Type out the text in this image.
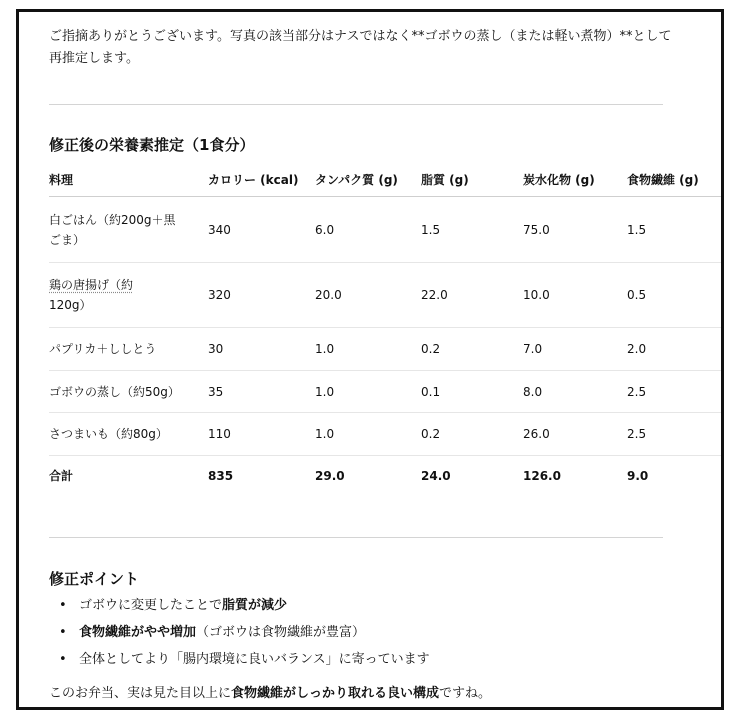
ご指摘ありがとうございます。写真の該当部分はナスではなく**ゴボウの蒸し（または軽い煮物）**として
再推定します。

修正後の栄養素推定（1食分）
料理	カロリー (kcal)	タンパク質 (g)	脂質 (g)	炭水化物 (g)	食物繊維 (g)
白ごはん（約200g＋黒
ごま）	340	6.0	1.5	75.0	1.5
鶏の唐揚げ（約
120g）	320	20.0	22.0	10.0	0.5
パプリカ＋ししとう	30	1.0	0.2	7.0	2.0
ゴボウの蒸し（約50g）	35	1.0	0.1	8.0	2.5
さつまいも（約80g）	110	1.0	0.2	26.0	2.5
合計	835	29.0	24.0	126.0	9.0
修正ポイント
• ゴボウに変更したことで脂質が減少
• 食物繊維がやや増加（ゴボウは食物繊維が豊富）
• 全体としてより「腸内環境に良いバランス」に寄っています

このお弁当、実は見た目以上に食物繊維がしっかり取れる良い構成ですね。
